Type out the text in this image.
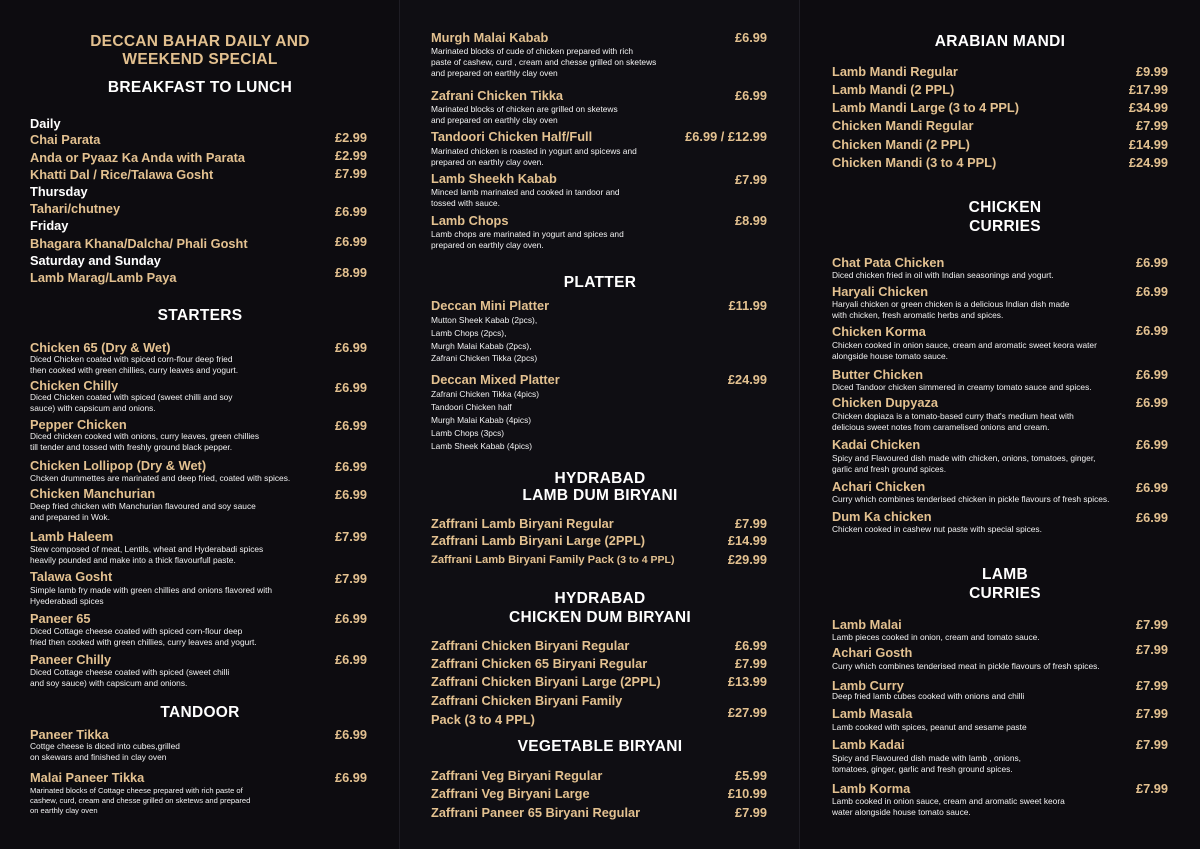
DECCAN BAHAR DAILY AND
WEEKEND SPECIAL
BREAKFAST TO LUNCH
Daily
Chai Parata	£2.99
Anda or Pyaaz Ka Anda with Parata	£2.99
Khatti Dal / Rice/Talawa Gosht	£7.99
Thursday
Tahari/chutney	£6.99
Friday
Bhagara Khana/Dalcha/ Phali Gosht	£6.99
Saturday and Sunday
Lamb Marag/Lamb Paya	£8.99
STARTERS
Chicken 65 (Dry & Wet)	£6.99
Diced Chicken coated with spiced corn-flour deep fried
then cooked with green chillies, curry leaves and yogurt.
Chicken Chilly	£6.99
Diced Chicken coated with spiced (sweet chilli and soy
sauce) with capsicum and onions.
Pepper Chicken	£6.99
Diced chicken cooked with onions, curry leaves, green chillies
till tender and tossed with freshly ground black pepper.
Chicken Lollipop (Dry & Wet)	£6.99
Chcken drummettes are marinated and deep fried, coated with spices.
Chicken Manchurian	£6.99
Deep fried chicken with Manchurian flavoured and soy sauce
and prepared in Wok.
Lamb Haleem	£7.99
Stew composed of meat, Lentils, wheat and Hyderabadi spices
heavily pounded and make into a thick flavourfull paste.
Talawa Gosht	£7.99
Simple lamb fry made with green chillies and onions flavored with
Hyederabadi spices
Paneer 65	£6.99
Diced Cottage cheese coated with spiced corn-flour deep
fried then cooked with green chillies, curry leaves and yogurt.
Paneer Chilly	£6.99
Diced Cottage cheese coated with spiced (sweet chilli
and soy sauce) with capsicum and onions.
TANDOOR
Paneer Tikka	£6.99
Cottge cheese is diced into cubes,grilled
on skewars and finished in clay oven
Malai Paneer Tikka	£6.99
Marinated blocks of Cottage cheese prepared with rich paste of
cashew, curd, cream and chesse grilled on sketews and prepared
on earthly clay oven
Murgh Malai Kabab	£6.99
Marinated blocks of cude of chicken prepared with rich
paste of cashew, curd , cream and chesse grilled on sketews
and prepared on earthly clay oven
Zafrani Chicken Tikka	£6.99
Marinated blocks of chicken are grilled on sketews
and prepared on earthly clay oven
Tandoori Chicken Half/Full	£6.99 / £12.99
Marinated chicken is roasted in yogurt and spicews and
prepared on earthly clay oven.
Lamb Sheekh Kabab	£7.99
Minced lamb marinated and cooked in tandoor and
tossed with sauce.
Lamb Chops	£8.99
Lamb chops are marinated in yogurt and spices and
prepared on earthly clay oven.
PLATTER
Deccan Mini Platter	£11.99
Mutton Sheek Kabab (2pcs),
Lamb Chops (2pcs),
Murgh Malai Kabab (2pcs),
Zafrani Chicken Tikka (2pcs)
Deccan Mixed Platter	£24.99
Zafrani Chicken Tikka (4pics)
Tandoori Chicken half
Murgh Malai Kabab (4pics)
Lamb Chops (3pcs)
Lamb Sheek Kabab (4pics)
HYDRABAD
LAMB DUM BIRYANI
Zaffrani Lamb Biryani Regular	£7.99
Zaffrani Lamb Biryani Large (2PPL)	£14.99
Zaffrani Lamb Biryani Family Pack (3 to 4 PPL)	£29.99
HYDRABAD
CHICKEN DUM BIRYANI
Zaffrani Chicken Biryani Regular	£6.99
Zaffrani Chicken 65 Biryani Regular	£7.99
Zaffrani Chicken Biryani Large (2PPL)	£13.99
Zaffrani Chicken Biryani Family
Pack (3 to 4 PPL)	£27.99
VEGETABLE BIRYANI
Zaffrani Veg Biryani Regular	£5.99
Zaffrani Veg Biryani Large	£10.99
Zaffrani Paneer 65 Biryani Regular	£7.99
ARABIAN MANDI
Lamb Mandi Regular	£9.99
Lamb Mandi (2 PPL)	£17.99
Lamb Mandi Large (3 to 4 PPL)	£34.99
Chicken Mandi Regular	£7.99
Chicken Mandi (2 PPL)	£14.99
Chicken Mandi (3 to 4 PPL)	£24.99
CHICKEN
CURRIES
Chat Pata Chicken	£6.99
Diced chicken fried in oil with Indian seasonings and yogurt.
Haryali Chicken	£6.99
Haryali chicken or green chicken is a delicious Indian dish made
with chicken, fresh aromatic herbs and spices.
Chicken Korma	£6.99
Chicken cooked in onion sauce, cream and aromatic sweet keora water
alongside house tomato sauce.
Butter Chicken	£6.99
Diced Tandoor chicken simmered in creamy tomato sauce and spices.
Chicken Dupyaza	£6.99
Chicken dopiaza is a tomato-based curry that's medium heat with
delicious sweet notes from caramelised onions and cream.
Kadai Chicken	£6.99
Spicy and Flavoured dish made with chicken, onions, tomatoes, ginger,
garlic and fresh ground spices.
Achari Chicken	£6.99
Curry which combines tenderised chicken in pickle flavours of fresh spices.
Dum Ka chicken	£6.99
Chicken cooked in cashew nut paste with special spices.
LAMB
CURRIES
Lamb Malai	£7.99
Lamb pieces cooked in onion, cream and tomato sauce.
Achari Gosth	£7.99
Curry which combines tenderised meat in pickle flavours of fresh spices.
Lamb Curry	£7.99
Deep fried lamb cubes cooked with onions and chilli
Lamb Masala	£7.99
Lamb cooked with spices, peanut and sesame paste
Lamb Kadai	£7.99
Spicy and Flavoured dish made with lamb , onions,
tomatoes, ginger, garlic and fresh ground spices.
Lamb Korma	£7.99
Lamb cooked in onion sauce, cream and aromatic sweet keora
water alongside house tomato sauce.
